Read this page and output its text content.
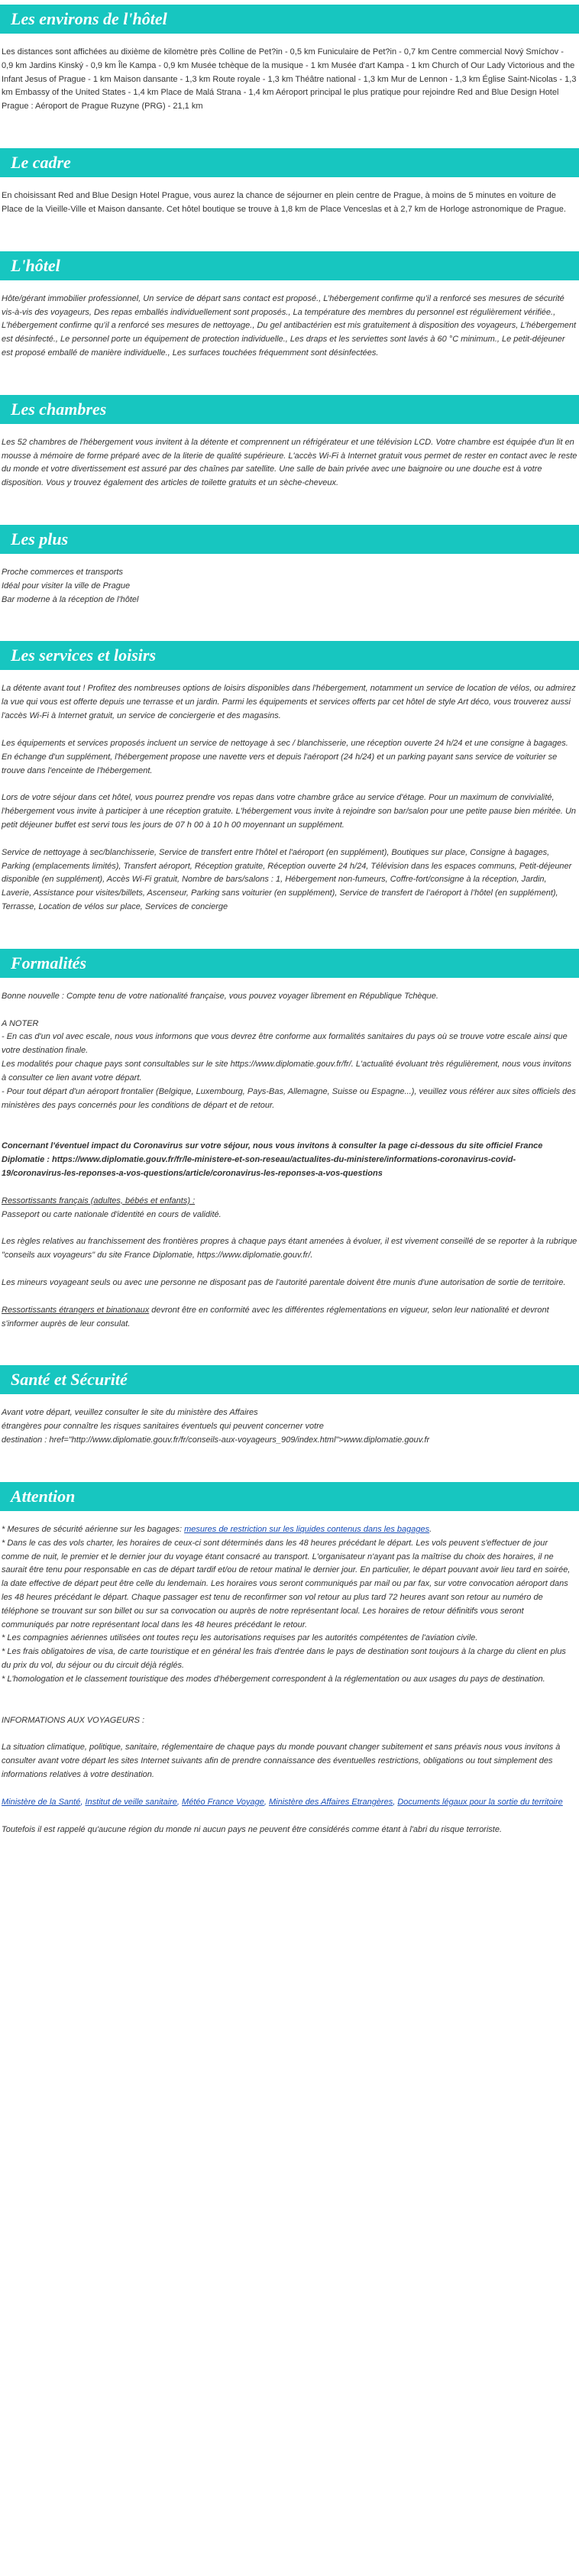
Les environs de l'hôtel

Les distances sont affichées au dixième de kilomètre près Colline de Pet?in - 0,5 km Funiculaire de Pet?in - 0,7 km Centre commercial Nový Smíchov - 0,9 km Jardins Kinský - 0,9 km Île Kampa - 0,9 km Musée tchèque de la musique - 1 km Musée d'art Kampa - 1 km Church of Our Lady Victorious and the Infant Jesus of Prague - 1 km Maison dansante - 1,3 km Route royale - 1,3 km Théâtre national - 1,3 km Mur de Lennon - 1,3 km Église Saint-Nicolas - 1,3 km Embassy of the United States - 1,4 km Place de Malá Strana - 1,4 km Aéroport principal le plus pratique pour rejoindre Red and Blue Design Hotel Prague : Aéroport de Prague Ruzyne (PRG) - 21,1 km

Le cadre

En choisissant Red and Blue Design Hotel Prague, vous aurez la chance de séjourner en plein centre de Prague, à moins de 5 minutes en voiture de Place de la Vieille-Ville et Maison dansante. Cet hôtel boutique se trouve à 1,8 km de Place Venceslas et à 2,7 km de Horloge astronomique de Prague.

L'hôtel

Hôte/gérant immobilier professionnel, Un service de départ sans contact est proposé., L’hébergement confirme qu’il a renforcé ses mesures de sécurité vis-à-vis des voyageurs, Des repas emballés individuellement sont proposés., La température des membres du personnel est régulièrement vérifiée., L’hébergement confirme qu’il a renforcé ses mesures de nettoyage., Du gel antibactérien est mis gratuitement à disposition des voyageurs, L’hébergement est désinfecté., Le personnel porte un équipement de protection individuelle., Les draps et les serviettes sont lavés à 60 °C minimum., Le petit-déjeuner est proposé emballé de manière individuelle., Les surfaces touchées fréquemment sont désinfectées.

Les chambres

Les 52 chambres de l'hébergement vous invitent à la détente et comprennent un réfrigérateur et une télévision LCD. Votre chambre est équipée d'un lit en mousse à mémoire de forme préparé avec de la literie de qualité supérieure. L'accès Wi-Fi à Internet gratuit vous permet de rester en contact avec le reste du monde et votre divertissement est assuré par des chaînes par satellite. Une salle de bain privée avec une baignoire ou une douche est à votre disposition. Vous y trouvez également des articles de toilette gratuits et un sèche-cheveux.

Les plus
Proche commerces et transports
Idéal pour visiter la ville de Prague
Bar moderne à la réception de l'hôtel
Les services et loisirs

La détente avant tout ! Profitez des nombreuses options de loisirs disponibles dans l'hébergement, notamment un service de location de vélos, ou admirez la vue qui vous est offerte depuis une terrasse et un jardin. Parmi les équipements et services offerts par cet hôtel de style Art déco, vous trouverez aussi l'accès Wi-Fi à Internet gratuit, un service de conciergerie et des magasins.

Les équipements et services proposés incluent un service de nettoyage à sec / blanchisserie, une réception ouverte 24 h/24 et une consigne à bagages. En échange d'un supplément, l'hébergement propose une navette vers et depuis l'aéroport (24 h/24) et un parking payant sans service de voiturier se trouve dans l'enceinte de l'hébergement.

Lors de votre séjour dans cet hôtel, vous pourrez prendre vos repas dans votre chambre grâce au service d'étage. Pour un maximum de convivialité, l'hébergement vous invite à participer à une réception gratuite. L'hébergement vous invite à rejoindre son bar/salon pour une petite pause bien méritée. Un petit déjeuner buffet est servi tous les jours de 07 h 00 à 10 h 00 moyennant un supplément.

Service de nettoyage à sec/blanchisserie, Service de transfert entre l'hôtel et l'aéroport (en supplément), Boutiques sur place, Consigne à bagages, Parking (emplacements limités), Transfert aéroport, Réception gratuite, Réception ouverte 24 h/24, Télévision dans les espaces communs, Petit-déjeuner disponible (en supplément), Accès Wi-Fi gratuit, Nombre de bars/salons : 1, Hébergement non-fumeurs, Coffre-fort/consigne à la réception, Jardin, Laverie, Assistance pour visites/billets, Ascenseur, Parking sans voiturier (en supplément), Service de transfert de l’aéroport à l’hôtel (en supplément), Terrasse, Location de vélos sur place, Services de concierge

Formalités

Bonne nouvelle : Compte tenu de votre nationalité française, vous pouvez voyager librement en République Tchèque.

A NOTER
- En cas d'un vol avec escale, nous vous informons que vous devrez être conforme aux formalités sanitaires du pays où se trouve votre escale ainsi que votre destination finale.
Les modalités pour chaque pays sont consultables sur le site https://www.diplomatie.gouv.fr/fr/. L'actualité évoluant très régulièrement, nous vous invitons à consulter ce lien avant votre départ.
- Pour tout départ d'un aéroport frontalier (Belgique, Luxembourg, Pays-Bas, Allemagne, Suisse ou Espagne...), veuillez vous référer aux sites officiels des ministères des pays concernés pour les conditions de départ et de retour.

Concernant l'éventuel impact du Coronavirus sur votre séjour, nous vous invitons à consulter la page ci-dessous du site officiel France Diplomatie : https://www.diplomatie.gouv.fr/fr/le-ministere-et-son-reseau/actualites-du-ministere/informations-coronavirus-covid-19/coronavirus-les-reponses-a-vos-questions/article/coronavirus-les-reponses-a-vos-questions

Ressortissants français (adultes, bébés et enfants) :
Passeport ou carte nationale d'identité en cours de validité.

Les règles relatives au franchissement des frontières propres à chaque pays étant amenées à évoluer, il est vivement conseillé de se reporter à la rubrique "conseils aux voyageurs" du site France Diplomatie, https://www.diplomatie.gouv.fr/.

Les mineurs voyageant seuls ou avec une personne ne disposant pas de l'autorité parentale doivent être munis d'une autorisation de sortie de territoire.

Ressortissants étrangers et binationaux devront être en conformité avec les différentes réglementations en vigueur, selon leur nationalité et devront s'informer auprès de leur consulat.

Santé et Sécurité
Avant votre départ, veuillez consulter le site du ministère des Affaires
étrangères pour connaître les risques sanitaires éventuels qui peuvent concerner votre
destination : href="http://www.diplomatie.gouv.fr/fr/conseils-aux-voyageurs_909/index.html">www.diplomatie.gouv.fr
Attention

* Mesures de sécurité aérienne sur les bagages: mesures de restriction sur les liquides contenus dans les bagages.
* Dans le cas des vols charter, les horaires de ceux-ci sont déterminés dans les 48 heures précédant le départ. Les vols peuvent s'effectuer de jour comme de nuit, le premier et le dernier jour du voyage étant consacré au transport. L'organisateur n'ayant pas la maîtrise du choix des horaires, il ne saurait être tenu pour responsable en cas de départ tardif et/ou de retour matinal le dernier jour. En particulier, le départ pouvant avoir lieu tard en soirée, la date effective de départ peut être celle du lendemain. Les horaires vous seront communiqués par mail ou par fax, sur votre convocation aéroport dans les 48 heures précédant le départ. Chaque passager est tenu de reconfirmer son vol retour au plus tard 72 heures avant son retour au numéro de téléphone se trouvant sur son billet ou sur sa convocation ou auprès de notre représentant local. Les horaires de retour définitifs vous seront communiqués par notre représentant local dans les 48 heures précédant le retour.
* Les compagnies aériennes utilisées ont toutes reçu les autorisations requises par les autorités compétentes de l'aviation civile.
* Les frais obligatoires de visa, de carte touristique et en général les frais d'entrée dans le pays de destination sont toujours à la charge du client en plus du prix du vol, du séjour ou du circuit déjà réglés.
* L'homologation et le classement touristique des modes d'hébergement correspondent à la réglementation ou aux usages du pays de destination.

INFORMATIONS AUX VOYAGEURS :

La situation climatique, politique, sanitaire, réglementaire de chaque pays du monde pouvant changer subitement et sans préavis nous vous invitons à consulter avant votre départ les sites Internet suivants afin de prendre connaissance des éventuelles restrictions, obligations ou tout simplement des informations relatives à votre destination.

Ministère de la Santé, Institut de veille sanitaire, Météo France Voyage, Ministère des Affaires Etrangères, Documents légaux pour la sortie du territoire

Toutefois il est rappelé qu'aucune région du monde ni aucun pays ne peuvent être considérés comme étant à l'abri du risque terroriste.
